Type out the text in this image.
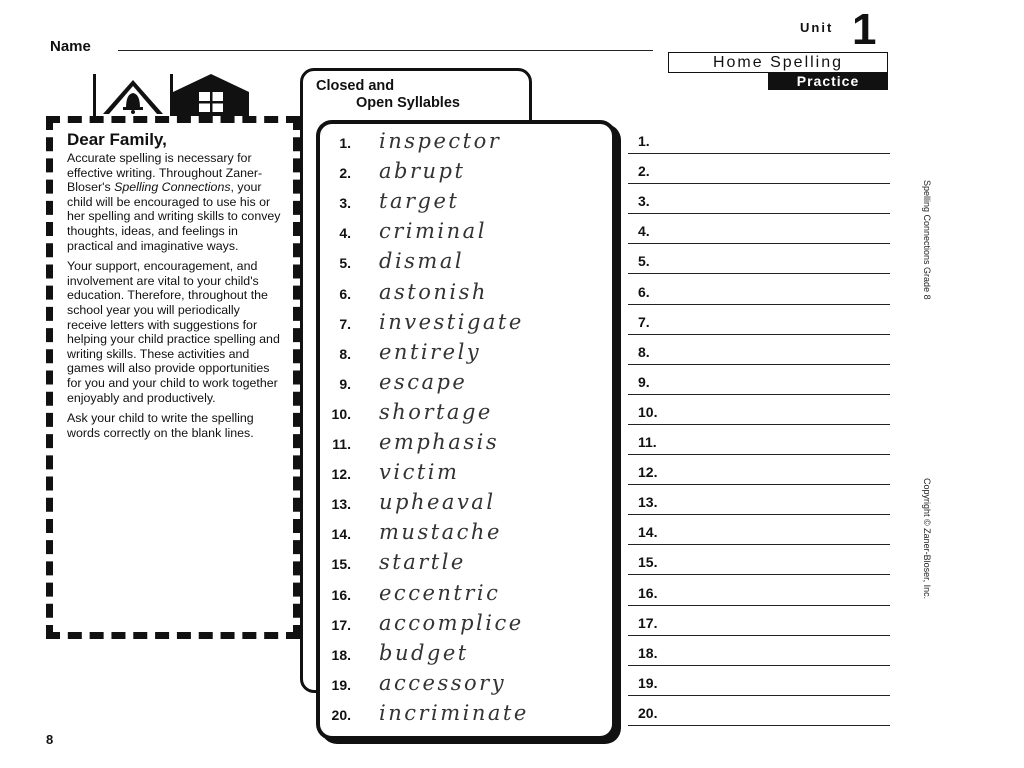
Name
Unit 1
Home Spelling
Practice
Dear Family,

Accurate spelling is necessary for effective writing. Throughout Zaner-Bloser's Spelling Connections, your child will be encouraged to use his or her spelling and writing skills to convey thoughts, ideas, and feelings in practical and imaginative ways.

Your support, encouragement, and involvement are vital to your child's education. Therefore, throughout the school year you will periodically receive letters with suggestions for helping your child practice spelling and writing skills. These activities and games will also provide opportunities for you and your child to work together enjoyably and productively.

Ask your child to write the spelling words correctly on the blank lines.

Closed and
Open Syllables
1. inspector
2. abrupt
3. target
4. criminal
5. dismal
6. astonish
7. investigate
8. entirely
9. escape
10. shortage
11. emphasis
12. victim
13. upheaval
14. mustache
15. startle
16. eccentric
17. accomplice
18. budget
19. accessory
20. incriminate
1.
2.
3.
4.
5.
6.
7.
8.
9.
10.
11.
12.
13.
14.
15.
16.
17.
18.
19.
20.
Spelling Connections Grade 8
Copyright © Zaner-Bloser, Inc.
8
